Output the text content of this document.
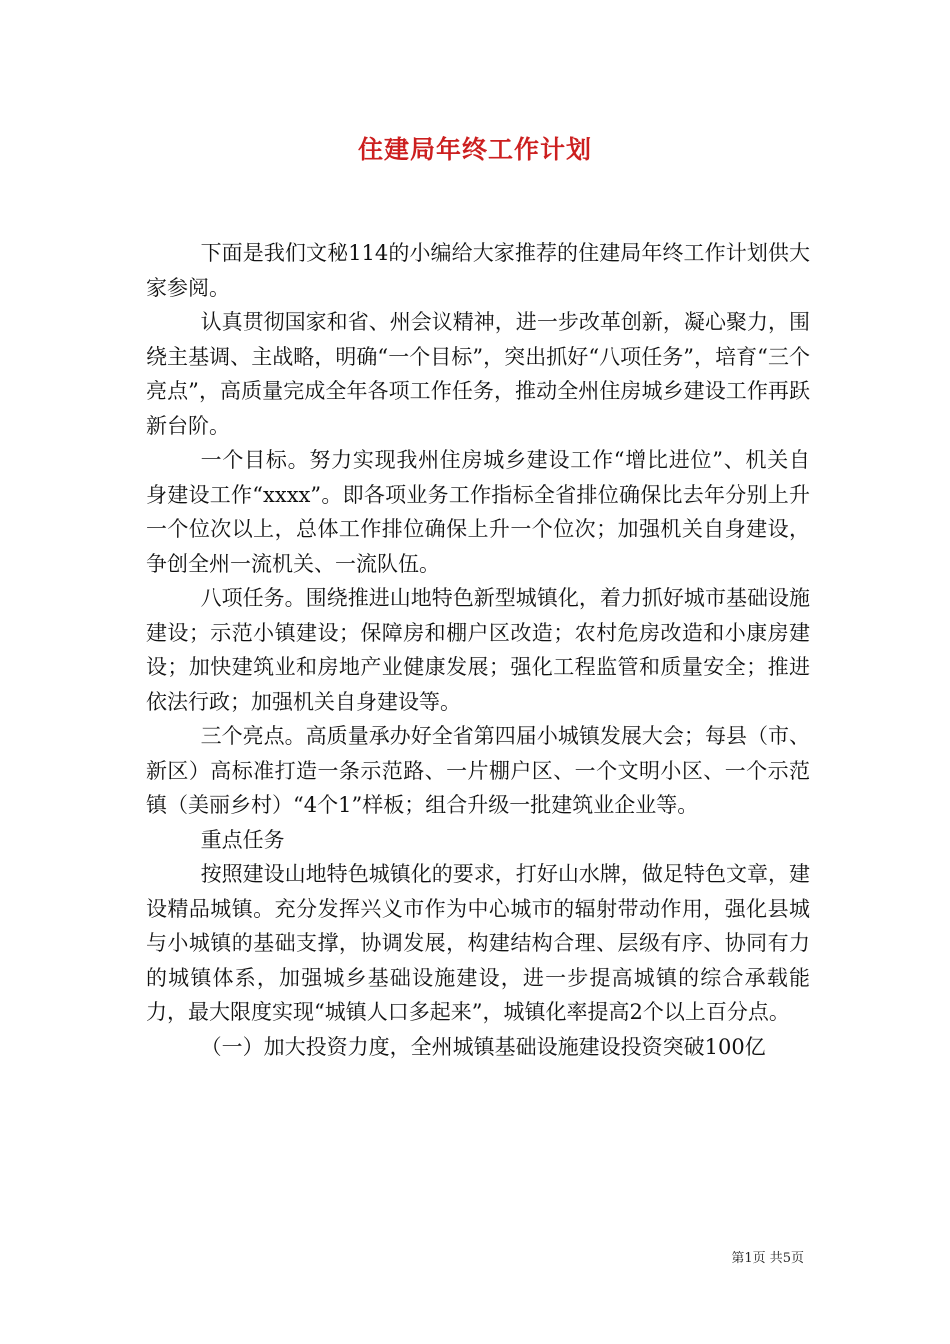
住建局年终工作计划

下面是我们文秘114的小编给大家推荐的住建局年终工作计划供大家参阅。

认真贯彻国家和省、州会议精神，进一步改革创新，凝心聚力，围绕主基调、主战略，明确“一个目标”，突出抓好“八项任务”，培育“三个亮点”，高质量完成全年各项工作任务，推动全州住房城乡建设工作再跃新台阶。

一个目标。努力实现我州住房城乡建设工作“增比进位”、机关自身建设工作“xxxx”。即各项业务工作指标全省排位确保比去年分别上升一个位次以上，总体工作排位确保上升一个位次；加强机关自身建设，争创全州一流机关、一流队伍。

八项任务。围绕推进山地特色新型城镇化，着力抓好城市基础设施建设；示范小镇建设；保障房和棚户区改造；农村危房改造和小康房建设；加快建筑业和房地产业健康发展；强化工程监管和质量安全；推进依法行政；加强机关自身建设等。

三个亮点。高质量承办好全省第四届小城镇发展大会；每县（市、新区）高标准打造一条示范路、一片棚户区、一个文明小区、一个示范镇（美丽乡村）“4个1”样板；组合升级一批建筑业企业等。

重点任务

按照建设山地特色城镇化的要求，打好山水牌，做足特色文章，建设精品城镇。充分发挥兴义市作为中心城市的辐射带动作用，强化县城与小城镇的基础支撑，协调发展，构建结构合理、层级有序、协同有力的城镇体系，加强城乡基础设施建设，进一步提高城镇的综合承载能力，最大限度实现“城镇人口多起来”，城镇化率提高2个以上百分点。

（一）加大投资力度，全州城镇基础设施建设投资突破100亿

第1页 共5页
